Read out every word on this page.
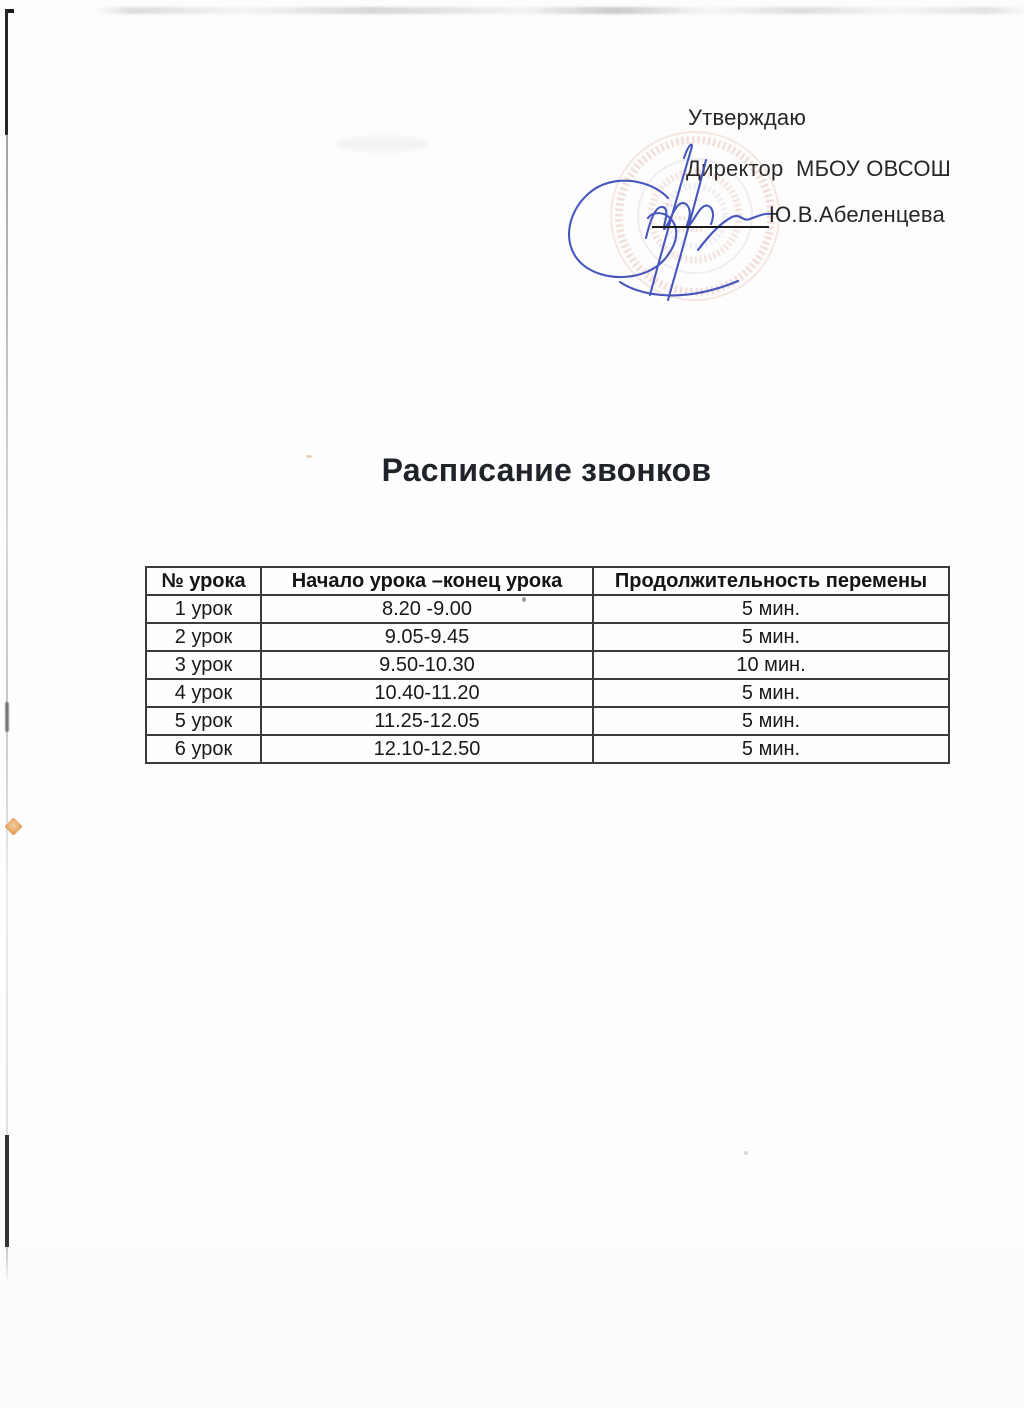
Утверждаю
Директор  МБОУ ОВСОШ
Ю.В.Абеленцева
Расписание звонков
№ урока	Начало урока –конец урока	Продолжительность перемены
1 урок	8.20 -9.00	5 мин.
2 урок	9.05-9.45	5 мин.
3 урок	9.50-10.30	10 мин.
4 урок	10.40-11.20	5 мин.
5 урок	11.25-12.05	5 мин.
6 урок	12.10-12.50	5 мин.
